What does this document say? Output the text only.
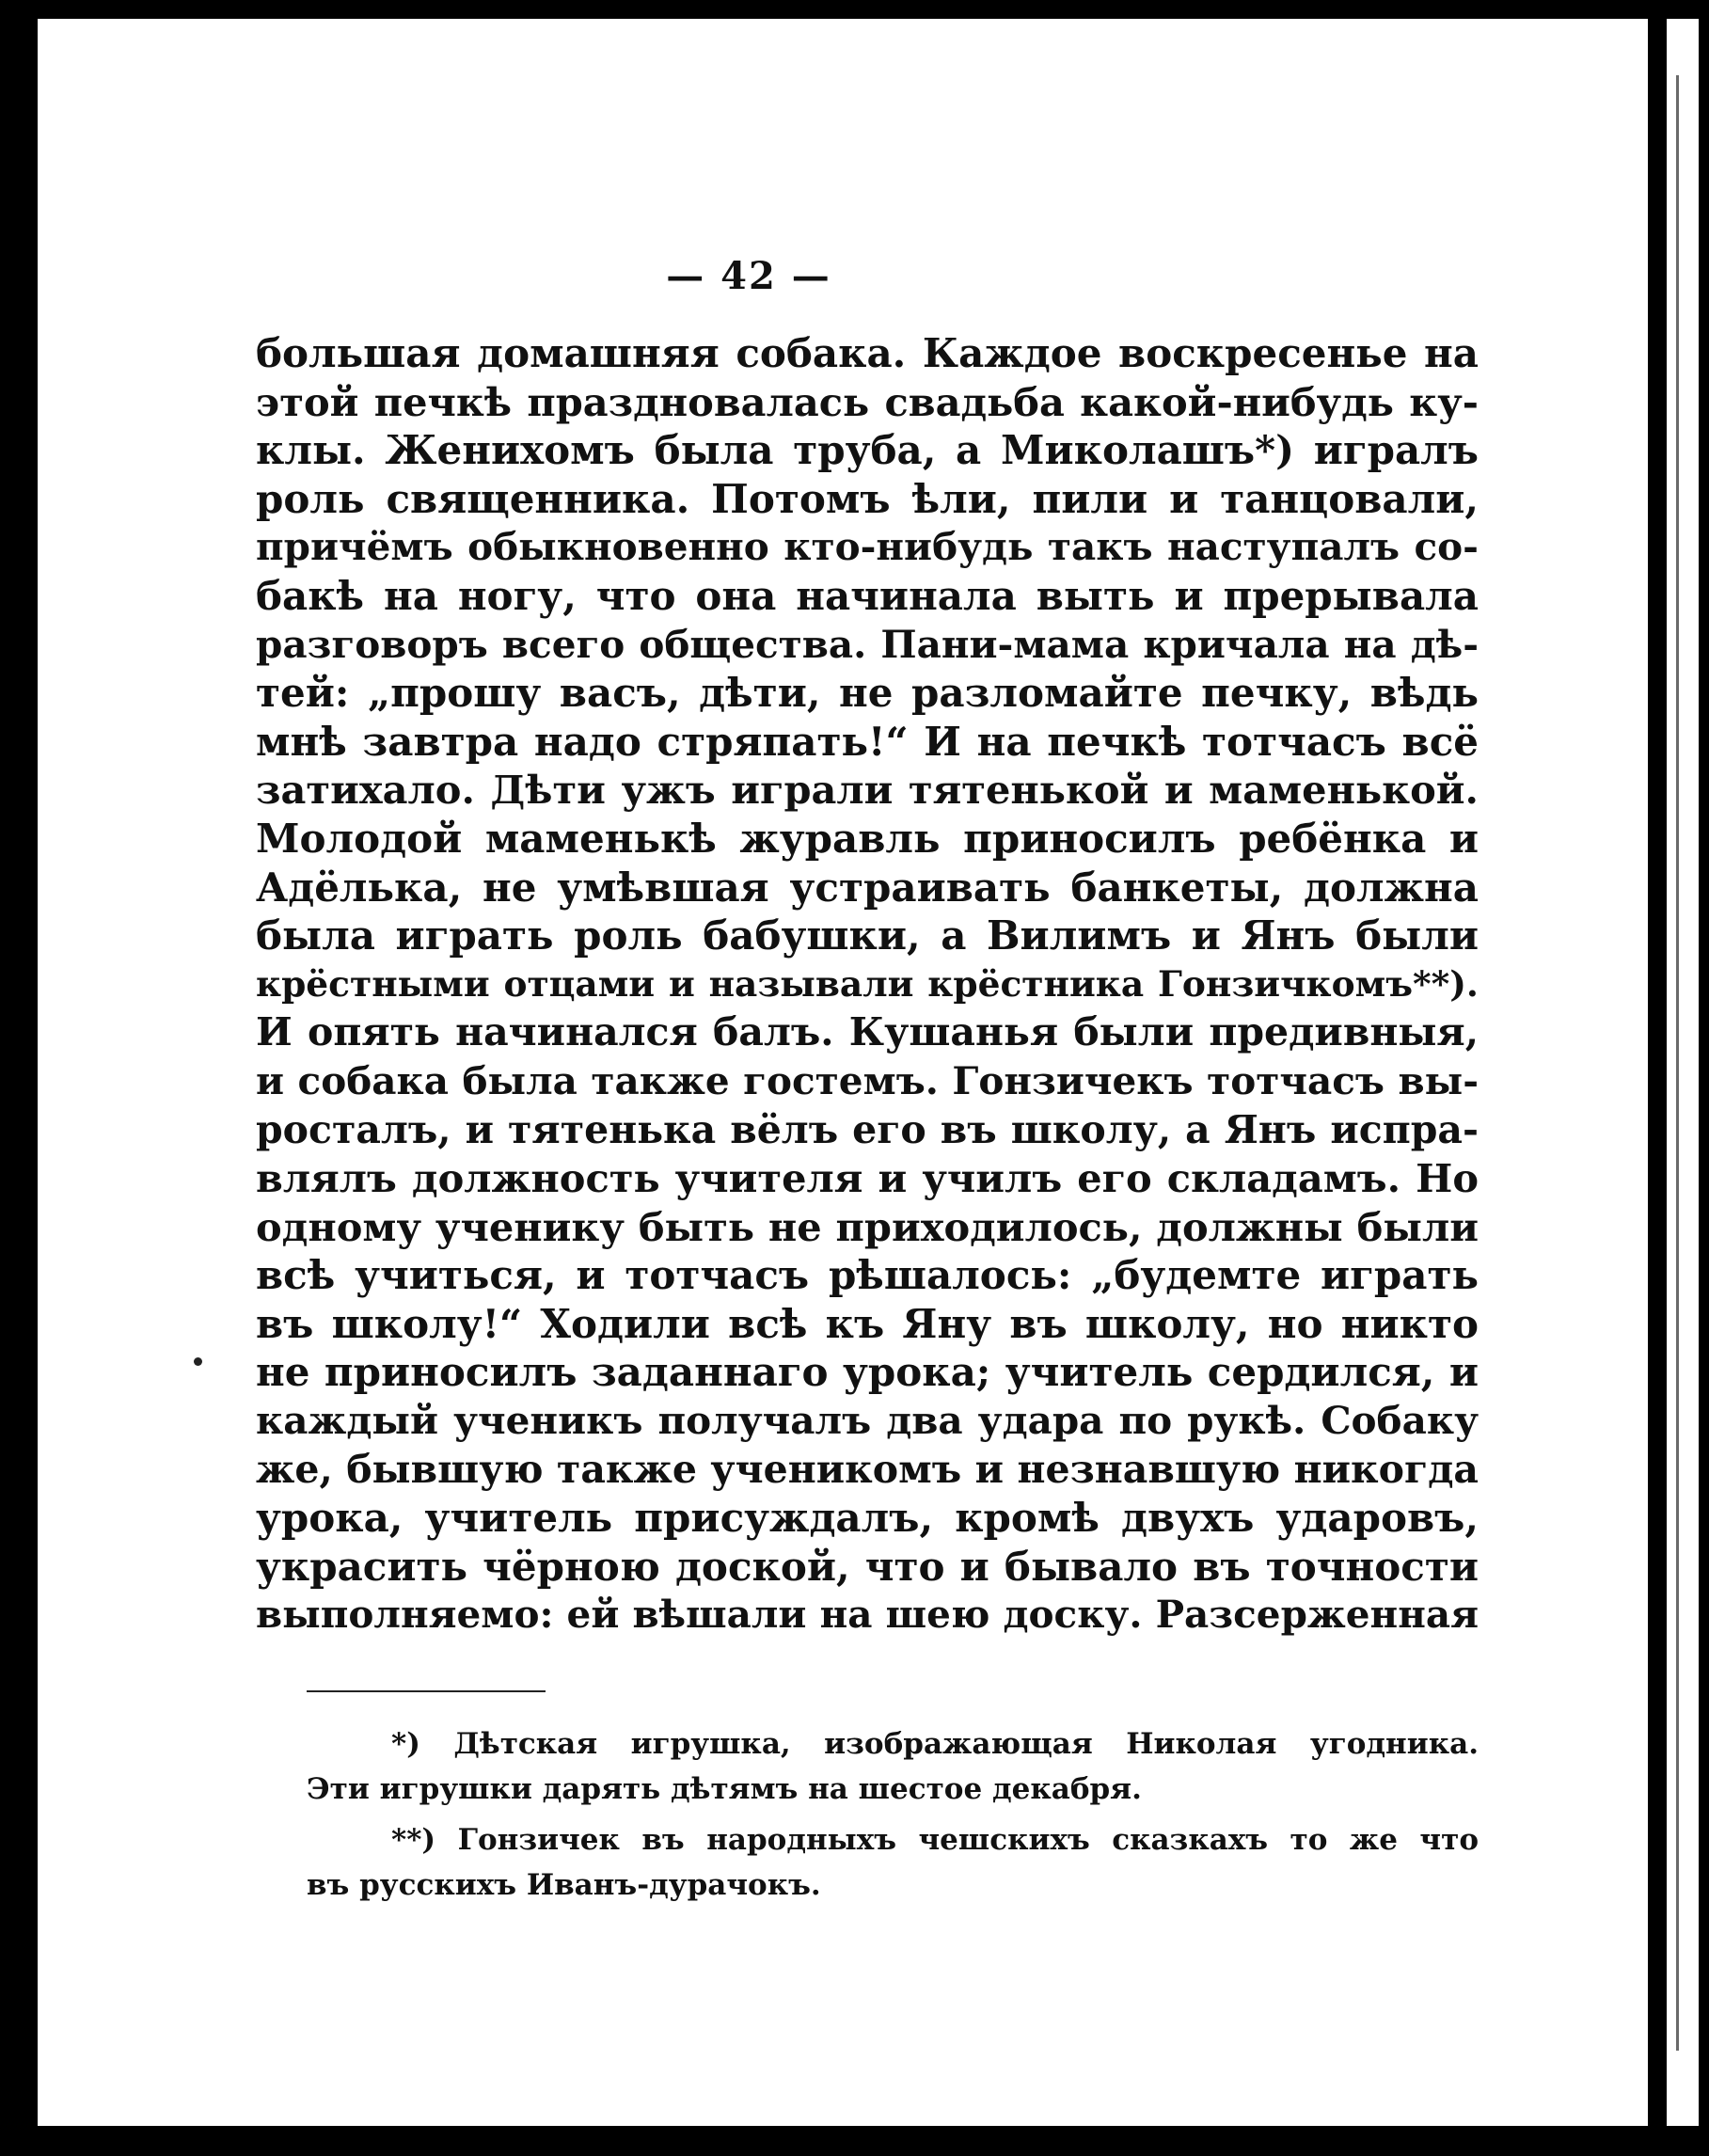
— 42 —
большая домашняя собака. Каждое воскресенье на
этой печкѣ праздновалась свадьба какой-нибудь ку-
клы. Женихомъ была труба, а Миколашъ*) игралъ
роль священника. Потомъ ѣли, пили и танцовали,
причёмъ обыкновенно кто-нибудь такъ наступалъ со-
бакѣ на ногу, что она начинала выть и прерывала
разговоръ всего общества. Пани-мама кричала на дѣ-
тей: „прошу васъ, дѣти, не разломайте печку, вѣдь
мнѣ завтра надо стряпать!“ И на печкѣ тотчасъ всё
затихало. Дѣти ужъ играли тятенькой и маменькой.
Молодой маменькѣ журавль приносилъ ребёнка и
Адёлька, не умѣвшая устраивать банкеты, должна
была играть роль бабушки, а Вилимъ и Янъ были
крёстными отцами и называли крёстника Гонзичкомъ**).
И опять начинался балъ. Кушанья были предивныя,
и собака была также гостемъ. Гонзичекъ тотчасъ вы-
росталъ, и тятенька вёлъ его въ школу, а Янъ испра-
влялъ должность учителя и училъ его складамъ. Но
одному ученику быть не приходилось, должны были
всѣ учиться, и тотчасъ рѣшалось: „будемте играть
въ школу!“ Ходили всѣ къ Яну въ школу, но никто
не приносилъ заданнаго урока; учитель сердился, и
каждый ученикъ получалъ два удара по рукѣ. Собаку
же, бывшую также ученикомъ и незнавшую никогда
урока, учитель присуждалъ, кромѣ двухъ ударовъ,
украсить чёрною доской, что и бывало въ точности
выполняемо: ей вѣшали на шею доску. Разсерженная
*) Дѣтская игрушка, изображающая Николая угодника.
Эти игрушки дарять дѣтямъ на шестое декабря.
**) Гонзичек въ народныхъ чешскихъ сказкахъ то же что
въ русскихъ Иванъ-дурачокъ.
